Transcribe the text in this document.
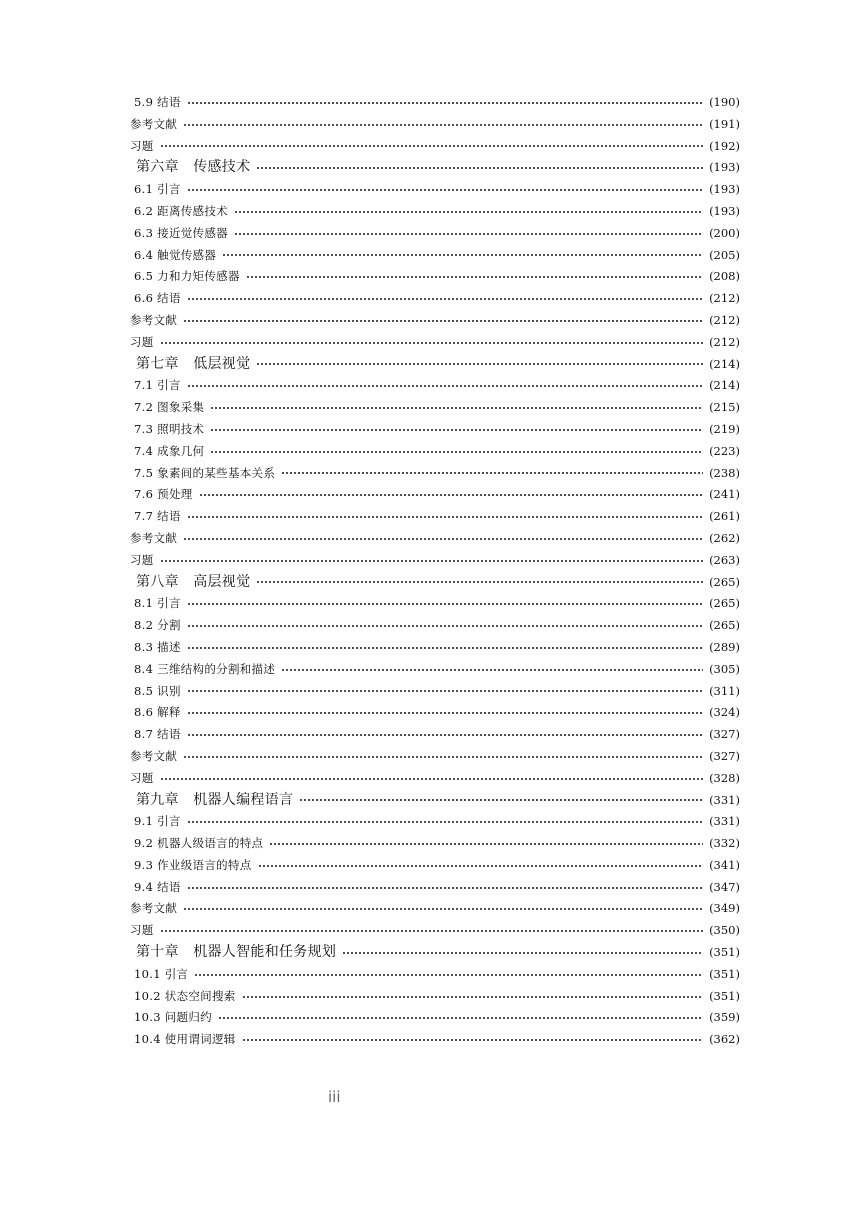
5.9 结语	(190)
参考文献	(191)
习题	(192)
第六章　传感技术	(193)
6.1 引言	(193)
6.2 距离传感技术	(193)
6.3 接近觉传感器	(200)
6.4 触觉传感器	(205)
6.5 力和力矩传感器	(208)
6.6 结语	(212)
参考文献	(212)
习题	(212)
第七章　低层视觉	(214)
7.1 引言	(214)
7.2 图象采集	(215)
7.3 照明技术	(219)
7.4 成象几何	(223)
7.5 象素间的某些基本关系	(238)
7.6 预处理	(241)
7.7 结语	(261)
参考文献	(262)
习题	(263)
第八章　高层视觉	(265)
8.1 引言	(265)
8.2 分割	(265)
8.3 描述	(289)
8.4 三维结构的分割和描述	(305)
8.5 识别	(311)
8.6 解释	(324)
8.7 结语	(327)
参考文献	(327)
习题	(328)
第九章　机器人编程语言	(331)
9.1 引言	(331)
9.2 机器人级语言的特点	(332)
9.3 作业级语言的特点	(341)
9.4 结语	(347)
参考文献	(349)
习题	(350)
第十章　机器人智能和任务规划	(351)
10.1 引言	(351)
10.2 状态空间搜索	(351)
10.3 问题归约	(359)
10.4 使用谓词逻辑	(362)
iii
